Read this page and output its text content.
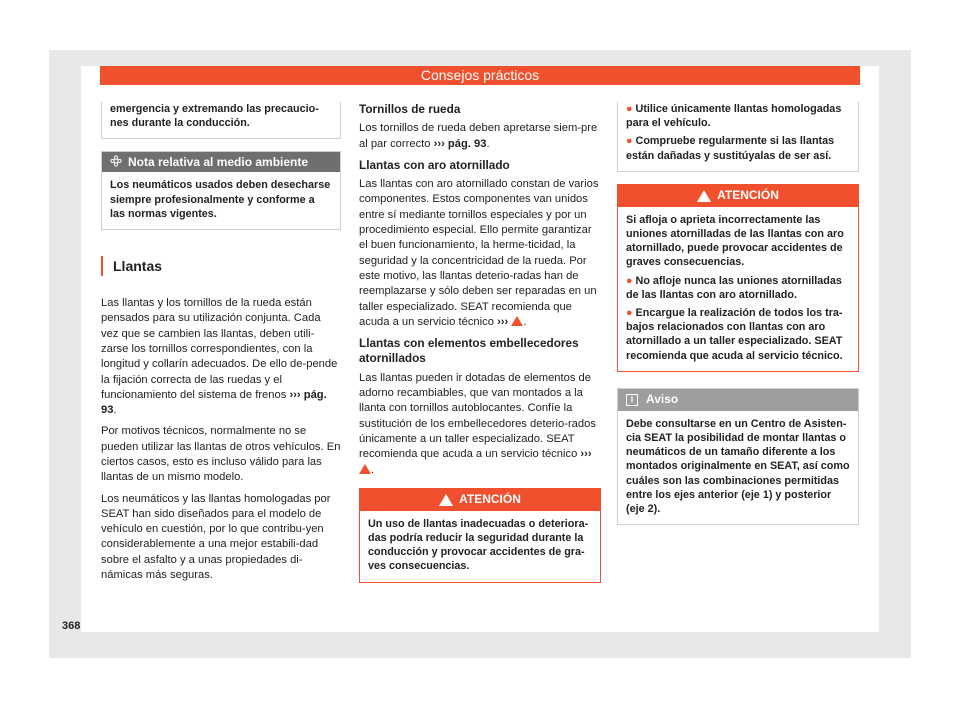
Consejos prácticos
emergencia y extremando las precaucio-nes durante la conducción.
Nota relativa al medio ambiente
Los neumáticos usados deben desecharse siempre profesionalmente y conforme a las normas vigentes.
Llantas

Las llantas y los tornillos de la rueda están pensados para su utilización conjunta. Cada vez que se cambien las llantas, deben utili-zarse los tornillos correspondientes, con la longitud y collarín adecuados. De ello de-pende la fijación correcta de las ruedas y el funcionamiento del sistema de frenos ››› pág. 93.

Por motivos técnicos, normalmente no se pueden utilizar las llantas de otros vehículos. En ciertos casos, esto es incluso válido para las llantas de un mismo modelo.

Los neumáticos y las llantas homologadas por SEAT han sido diseñados para el modelo de vehículo en cuestión, por lo que contribu-yen considerablemente a una mejor estabili-dad sobre el asfalto y a unas propiedades di-námicas más seguras.

Tornillos de rueda

Los tornillos de rueda deben apretarse siem-pre al par correcto ››› pág. 93.

Llantas con aro atornillado

Las llantas con aro atornillado constan de varios componentes. Estos componentes van unidos entre sí mediante tornillos especiales y por un procedimiento especial. Ello permite garantizar el buen funcionamiento, la herme-ticidad, la seguridad y la concentricidad de la rueda. Por este motivo, las llantas deterio-radas han de reemplazarse y sólo deben ser reparadas en un taller especializado. SEAT recomienda que acuda a un servicio técnico ››› .

Llantas con elementos embellecedores atornillados

Las llantas pueden ir dotadas de elementos de adorno recambiables, que van montados a la llanta con tornillos autoblocantes. Confíe la sustitución de los embellecedores deterio-rados únicamente a un taller especializado. SEAT recomienda que acuda a un servicio técnico ››› .

ATENCIÓN
Un uso de llantas inadecuadas o deteriora-das podría reducir la seguridad durante la conducción y provocar accidentes de gra-ves consecuencias.
● Utilice únicamente llantas homologadas para el vehículo.
● Compruebe regularmente si las llantas están dañadas y sustitúyalas de ser así.
ATENCIÓN
Si afloja o aprieta incorrectamente las uniones atornilladas de las llantas con aro atornillado, puede provocar accidentes de graves consecuencias.
● No afloje nunca las uniones atornilladas de las llantas con aro atornillado.
● Encargue la realización de todos los tra-bajos relacionados con llantas con aro atornillado a un taller especializado. SEAT recomienda que acuda al servicio técnico.
i	Aviso
Debe consultarse en un Centro de Asisten-cia SEAT la posibilidad de montar llantas o neumáticos de un tamaño diferente a los montados originalmente en SEAT, así como cuáles son las combinaciones permitidas entre los ejes anterior (eje 1) y posterior (eje 2).
368
